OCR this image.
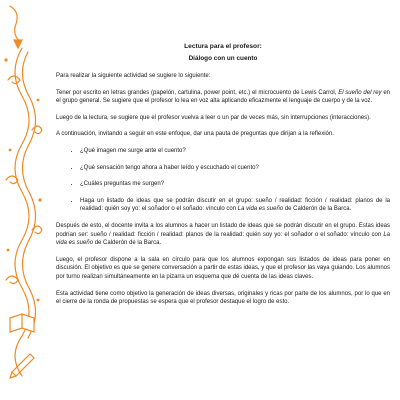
Lectura para el profesor:

Diálogo con un cuento

Para realizar la siguiente actividad se sugiere lo siguiente:

Tener por escrito en letras grandes (papelón, cartulina, power point, etc.) el microcuento de Lewis Carrol, El sueño del rey en el grupo general. Se sugiere que el profesor lo lea en voz alta aplicando eficazmente el lenguaje de cuerpo y de la voz.

Luego de la lectura, se sugiere que el profesor vuelva a leer o un par de veces más, sin interrupciones (interacciones).

A continuación, invitando a seguir en este enfoque, dar una pauta de preguntas que dirijan a la reflexión.

• ¿Qué imagen me surge ante el cuento?
• ¿Qué sensación tengo ahora a haber leído y escuchado el cuento?
• ¿Cuáles preguntas me surgen?
• Haga un listado de ideas que se podrán discutir en el grupo: sueño / realidad: ficción / realidad: planos de la realidad: quién soy yo: el soñador o el soñado: vínculo con La vida es sueño de Calderón de la Barca.

Después de esto, el docente invita a los alumnos a hacer un listado de ideas que se podrán discutir en el grupo. Estas ideas podrían ser: sueño / realidad: ficción / realidad: planos de la realidad: quién soy yo: el soñador o el soñado: vínculo con La vida es sueño de Calderón de la Barca.

Luego, el profesor dispone a la sala en círculo para que los alumnos expongan sus listados de ideas para poner en discusión. El objetivo es que se genere conversación a partir de estas ideas, y que el profesor las vaya guiando. Los alumnos por turno realizan simultáneamente en la pizarra un esquema que dé cuenta de las ideas claves.

Esta actividad tiene como objetivo la generación de ideas diversas, originales y ricas por parte de los alumnos, por lo que en el cierre de la ronda de propuestas se espera que el profesor destaque el logro de esto.
